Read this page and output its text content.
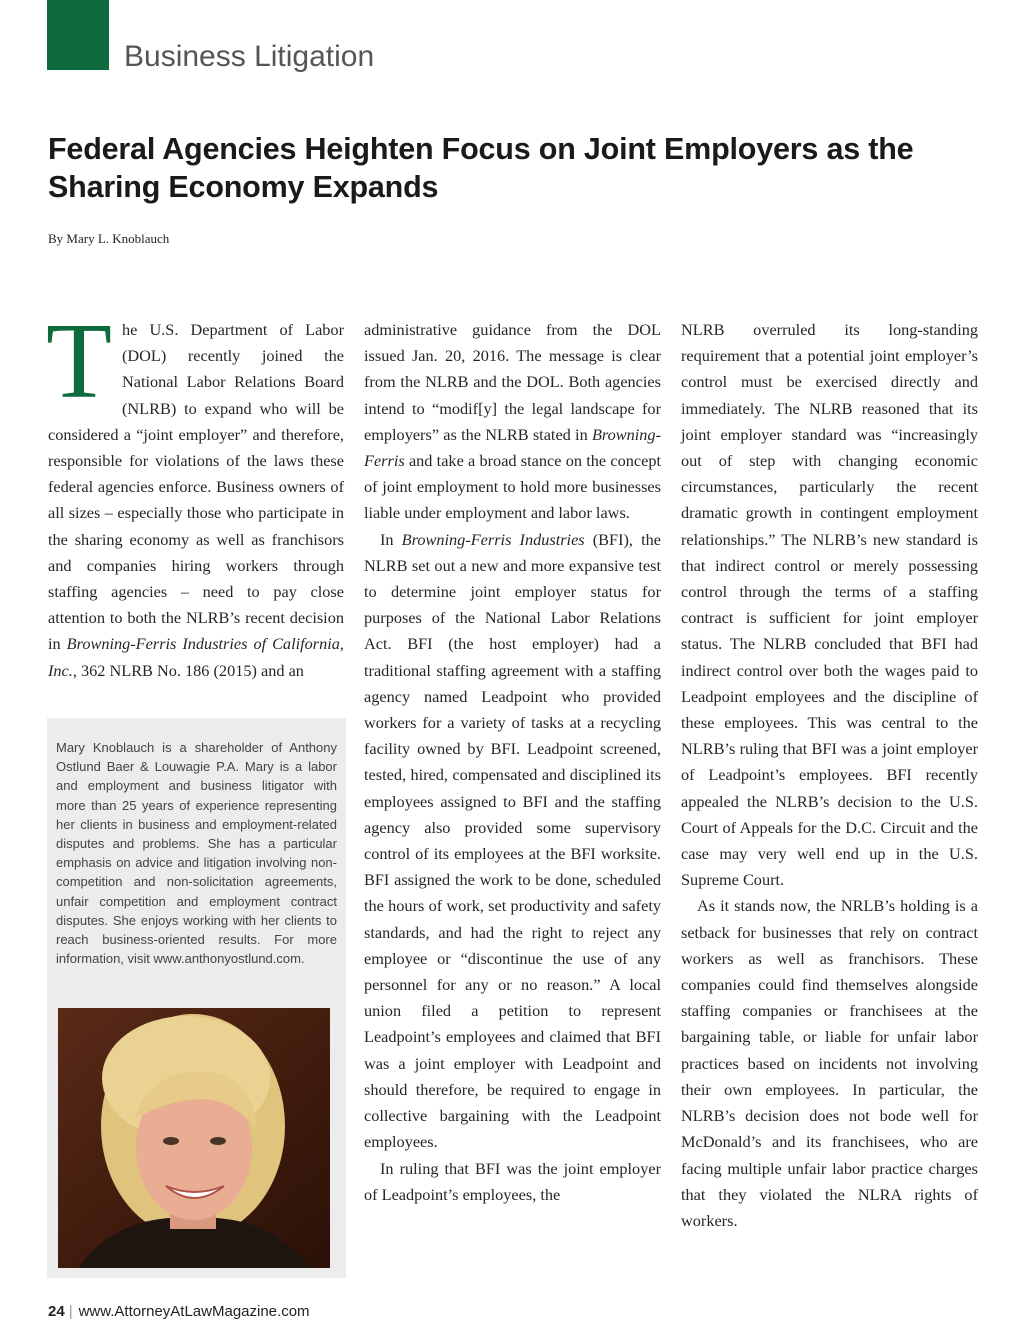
Business Litigation
Federal Agencies Heighten Focus on Joint Employers as the Sharing Economy Expands
By Mary L. Knoblauch
T he U.S. Department of Labor (DOL) recently joined the National Labor Relations Board (NLRB) to expand who will be considered a “joint employer” and therefore, responsible for violations of the laws these federal agencies enforce. Business owners of all sizes – especially those who participate in the sharing economy as well as franchisors and companies hiring workers through staffing agencies – need to pay close attention to both the NLRB’s recent decision in Browning-Ferris Industries of California, Inc., 362 NLRB No. 186 (2015) and an

Mary Knoblauch is a shareholder of Anthony Ostlund Baer & Louwagie P.A. Mary is a labor and employment and business litigator with more than 25 years of experience representing her clients in business and employment-related disputes and problems. She has a particular emphasis on advice and litigation involving non-competition and non-solicitation agreements, unfair competition and employment contract disputes. She enjoys working with her clients to reach business-oriented results. For more information, visit www.anthonyostlund.com.

administrative guidance from the DOL issued Jan. 20, 2016. The message is clear from the NLRB and the DOL. Both agencies intend to “modif[y] the legal landscape for employers” as the NLRB stated in Browning-Ferris and take a broad stance on the concept of joint employment to hold more businesses liable under employment and labor laws.

In Browning-Ferris Industries (BFI), the NLRB set out a new and more expansive test to determine joint employer status for purposes of the National Labor Relations Act. BFI (the host employer) had a traditional staffing agreement with a staffing agency named Leadpoint who provided workers for a variety of tasks at a recycling facility owned by BFI. Leadpoint screened, tested, hired, compensated and disciplined its employees assigned to BFI and the staffing agency also provided some supervisory control of its employees at the BFI worksite. BFI assigned the work to be done, scheduled the hours of work, set productivity and safety standards, and had the right to reject any employee or “discontinue the use of any personnel for any or no reason.” A local union filed a petition to represent Leadpoint’s employees and claimed that BFI was a joint employer with Leadpoint and should therefore, be required to engage in collective bargaining with the Leadpoint employees.

In ruling that BFI was the joint employer of Leadpoint’s employees, the

NLRB overruled its long-standing requirement that a potential joint employer’s control must be exercised directly and immediately. The NLRB reasoned that its joint employer standard was “increasingly out of step with changing economic circumstances, particularly the recent dramatic growth in contingent employment relationships.” The NLRB’s new standard is that indirect control or merely possessing control through the terms of a staffing contract is sufficient for joint employer status. The NLRB concluded that BFI had indirect control over both the wages paid to Leadpoint employees and the discipline of these employees. This was central to the NLRB’s ruling that BFI was a joint employer of Leadpoint’s employees. BFI recently appealed the NLRB’s decision to the U.S. Court of Appeals for the D.C. Circuit and the case may very well end up in the U.S. Supreme Court.

As it stands now, the NRLB’s holding is a setback for businesses that rely on contract workers as well as franchisors. These companies could find themselves alongside staffing companies or franchisees at the bargaining table, or liable for unfair labor practices based on incidents not involving their own employees. In particular, the NLRB’s decision does not bode well for McDonald’s and its franchisees, who are facing multiple unfair labor practice charges that they violated the NLRA rights of workers.

24 | www.AttorneyAtLawMagazine.com
